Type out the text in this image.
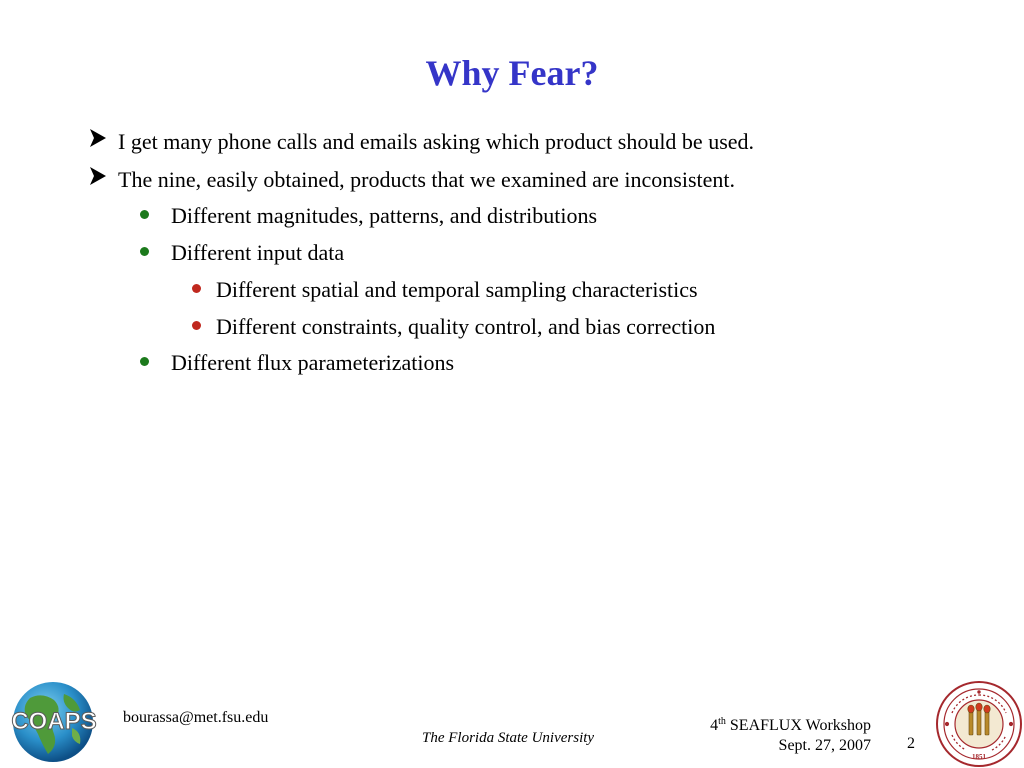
Why Fear?
I get many phone calls and emails asking which product should be used.
The nine, easily obtained, products that we examined are inconsistent.
Different magnitudes, patterns, and distributions
Different input data
Different spatial and temporal sampling characteristics
Different constraints, quality control, and bias correction
Different flux parameterizations
COAPS bourassa@met.fsu.edu
The Florida State University
4th SEAFLUX Workshop
Sept. 27, 2007 2
1851
